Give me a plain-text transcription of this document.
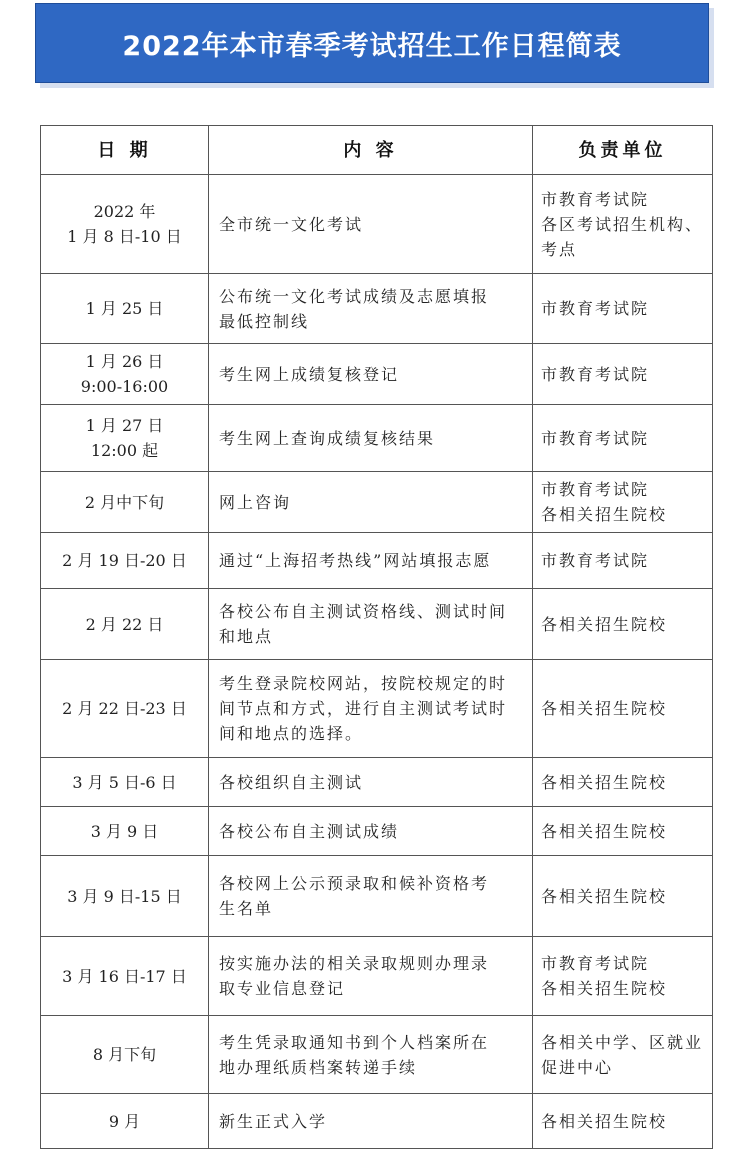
2022年本市春季考试招生工作日程简表
日 期	内 容	负责单位

2022 年
1 月 8 日-10 日	全市统一文化考试	市教育考试院
各区考试招生机构、
考点

1 月 25 日	公布统一文化考试成绩及志愿填报
最低控制线	市教育考试院

1 月 26 日
9:00-16:00	考生网上成绩复核登记	市教育考试院

1 月 27 日
12:00 起	考生网上查询成绩复核结果	市教育考试院

2 月中下旬	网上咨询	市教育考试院
各相关招生院校

2 月 19 日-20 日	通过“上海招考热线”网站填报志愿	市教育考试院

2 月 22 日	各校公布自主测试资格线、测试时间
和地点	各相关招生院校

2 月 22 日-23 日	考生登录院校网站，按院校规定的时
间节点和方式，进行自主测试考试时
间和地点的选择。	各相关招生院校

3 月 5 日-6 日	各校组织自主测试	各相关招生院校

3 月 9 日	各校公布自主测试成绩	各相关招生院校

3 月 9 日-15 日	各校网上公示预录取和候补资格考
生名单	各相关招生院校

3 月 16 日-17 日	按实施办法的相关录取规则办理录
取专业信息登记	市教育考试院
各相关招生院校

8 月下旬	考生凭录取通知书到个人档案所在
地办理纸质档案转递手续	各相关中学、区就业
促进中心

9 月	新生正式入学	各相关招生院校
